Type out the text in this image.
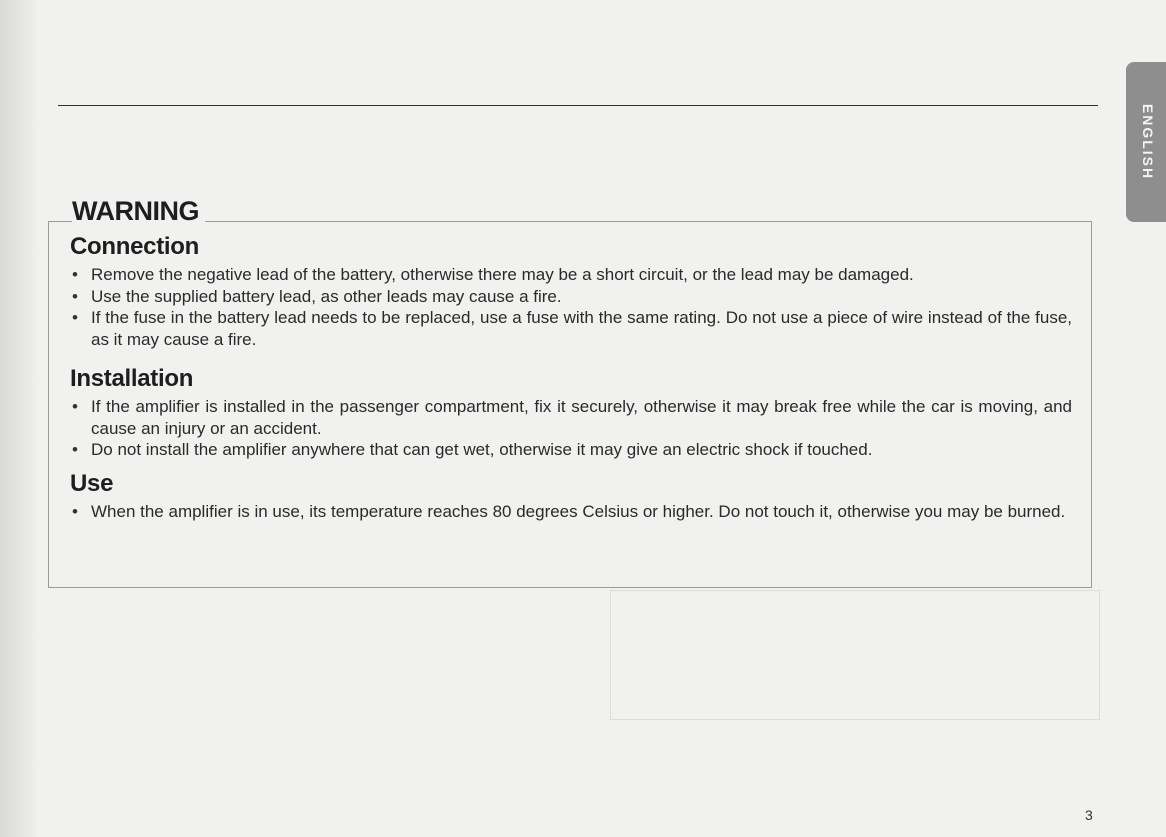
ENGLISH
WARNING
Connection
• Remove the negative lead of the battery, otherwise there may be a short circuit, or the lead may be damaged.
• Use the supplied battery lead, as other leads may cause a fire.
• If the fuse in the battery lead needs to be replaced, use a fuse with the same rating. Do not use a piece of wire instead of the fuse, as it may cause a fire.
Installation
• If the amplifier is installed in the passenger compartment, fix it securely, otherwise it may break free while the car is moving, and cause an injury or an accident.
• Do not install the amplifier anywhere that can get wet, otherwise it may give an electric shock if touched.
Use
• When the amplifier is in use, its temperature reaches 80 degrees Celsius or higher. Do not touch it, otherwise you may be burned.
3
